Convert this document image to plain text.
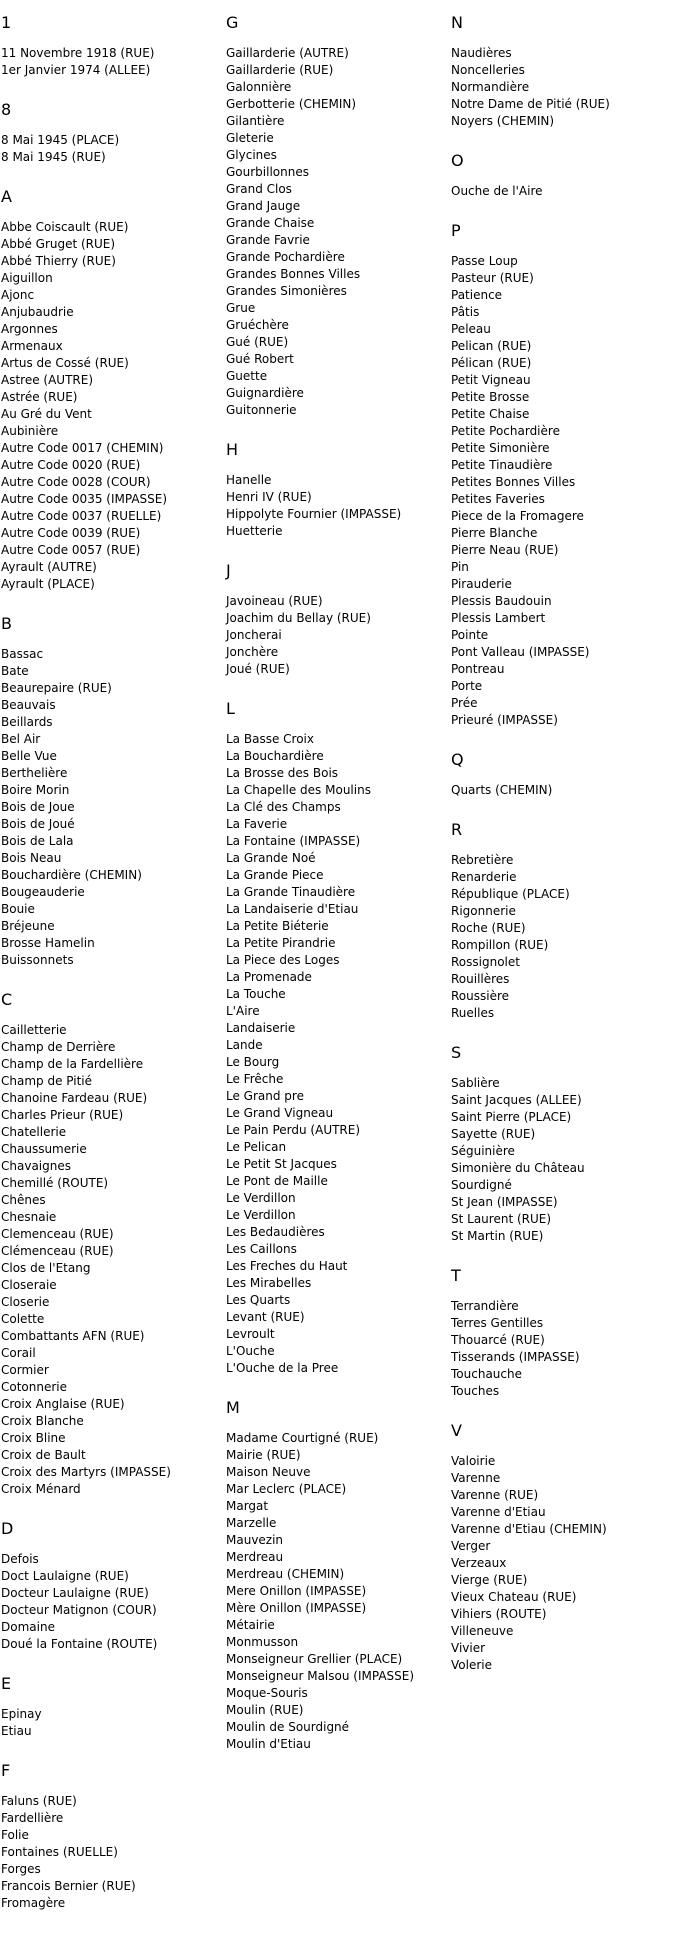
1
11 Novembre 1918 (RUE)
1er Janvier 1974 (ALLEE)
8
8 Mai 1945 (PLACE)
8 Mai 1945 (RUE)
A
Abbe Coiscault (RUE)
Abbé Gruget (RUE)
Abbé Thierry (RUE)
Aiguillon
Ajonc
Anjubaudrie
Argonnes
Armenaux
Artus de Cossé (RUE)
Astree (AUTRE)
Astrée (RUE)
Au Gré du Vent
Aubinière
Autre Code 0017 (CHEMIN)
Autre Code 0020 (RUE)
Autre Code 0028 (COUR)
Autre Code 0035 (IMPASSE)
Autre Code 0037 (RUELLE)
Autre Code 0039 (RUE)
Autre Code 0057 (RUE)
Ayrault (AUTRE)
Ayrault (PLACE)
B
Bassac
Bate
Beaurepaire (RUE)
Beauvais
Beillards
Bel Air
Belle Vue
Berthelière
Boire Morin
Bois de Joue
Bois de Joué
Bois de Lala
Bois Neau
Bouchardière (CHEMIN)
Bougeauderie
Bouie
Bréjeune
Brosse Hamelin
Buissonnets
C
Cailletterie
Champ de Derrière
Champ de la Fardellière
Champ de Pitié
Chanoine Fardeau (RUE)
Charles Prieur (RUE)
Chatellerie
Chaussumerie
Chavaignes
Chemillé (ROUTE)
Chênes
Chesnaie
Clemenceau (RUE)
Clémenceau (RUE)
Clos de l'Etang
Closeraie
Closerie
Colette
Combattants AFN (RUE)
Corail
Cormier
Cotonnerie
Croix Anglaise (RUE)
Croix Blanche
Croix Bline
Croix de Bault
Croix des Martyrs (IMPASSE)
Croix Ménard
D
Defois
Doct Laulaigne (RUE)
Docteur Laulaigne (RUE)
Docteur Matignon (COUR)
Domaine
Doué la Fontaine (ROUTE)
E
Epinay
Etiau
F
Faluns (RUE)
Fardellière
Folie
Fontaines (RUELLE)
Forges
Francois Bernier (RUE)
Fromagère
G
Gaillarderie (AUTRE)
Gaillarderie (RUE)
Galonnière
Gerbotterie (CHEMIN)
Gilantière
Gleterie
Glycines
Gourbillonnes
Grand Clos
Grand Jauge
Grande Chaise
Grande Favrie
Grande Pochardière
Grandes Bonnes Villes
Grandes Simonières
Grue
Gruéchère
Gué (RUE)
Gué Robert
Guette
Guignardière
Guitonnerie
H
Hanelle
Henri IV (RUE)
Hippolyte Fournier (IMPASSE)
Huetterie
J
Javoineau (RUE)
Joachim du Bellay (RUE)
Joncherai
Jonchère
Joué (RUE)
L
La Basse Croix
La Bouchardière
La Brosse des Bois
La Chapelle des Moulins
La Clé des Champs
La Faverie
La Fontaine (IMPASSE)
La Grande Noé
La Grande Piece
La Grande Tinaudière
La Landaiserie d'Etiau
La Petite Biéterie
La Petite Pirandrie
La Piece des Loges
La Promenade
La Touche
L'Aire
Landaiserie
Lande
Le Bourg
Le Frêche
Le Grand pre
Le Grand Vigneau
Le Pain Perdu (AUTRE)
Le Pelican
Le Petit St Jacques
Le Pont de Maille
Le Verdillon
Le Verdillon
Les Bedaudières
Les Caillons
Les Freches du Haut
Les Mirabelles
Les Quarts
Levant (RUE)
Levroult
L'Ouche
L'Ouche de la Pree
M
Madame Courtigné (RUE)
Mairie (RUE)
Maison Neuve
Mar Leclerc (PLACE)
Margat
Marzelle
Mauvezin
Merdreau
Merdreau (CHEMIN)
Mere Onillon (IMPASSE)
Mère Onillon (IMPASSE)
Métairie
Monmusson
Monseigneur Grellier (PLACE)
Monseigneur Malsou (IMPASSE)
Moque-Souris
Moulin (RUE)
Moulin de Sourdigné
Moulin d'Etiau
N
Naudières
Noncelleries
Normandière
Notre Dame de Pitié (RUE)
Noyers (CHEMIN)
O
Ouche de l'Aire
P
Passe Loup
Pasteur (RUE)
Patience
Pâtis
Peleau
Pelican (RUE)
Pélican (RUE)
Petit Vigneau
Petite Brosse
Petite Chaise
Petite Pochardière
Petite Simonière
Petite Tinaudière
Petites Bonnes Villes
Petites Faveries
Piece de la Fromagere
Pierre Blanche
Pierre Neau (RUE)
Pin
Pirauderie
Plessis Baudouin
Plessis Lambert
Pointe
Pont Valleau (IMPASSE)
Pontreau
Porte
Prée
Prieuré (IMPASSE)
Q
Quarts (CHEMIN)
R
Rebretière
Renarderie
République (PLACE)
Rigonnerie
Roche (RUE)
Rompillon (RUE)
Rossignolet
Rouillères
Roussière
Ruelles
S
Sablière
Saint Jacques (ALLEE)
Saint Pierre (PLACE)
Sayette (RUE)
Séguinière
Simonière du Château
Sourdigné
St Jean (IMPASSE)
St Laurent (RUE)
St Martin (RUE)
T
Terrandière
Terres Gentilles
Thouarcé (RUE)
Tisserands (IMPASSE)
Touchauche
Touches
V
Valoirie
Varenne
Varenne (RUE)
Varenne d'Etiau
Varenne d'Etiau (CHEMIN)
Verger
Verzeaux
Vierge (RUE)
Vieux Chateau (RUE)
Vihiers (ROUTE)
Villeneuve
Vivier
Volerie
